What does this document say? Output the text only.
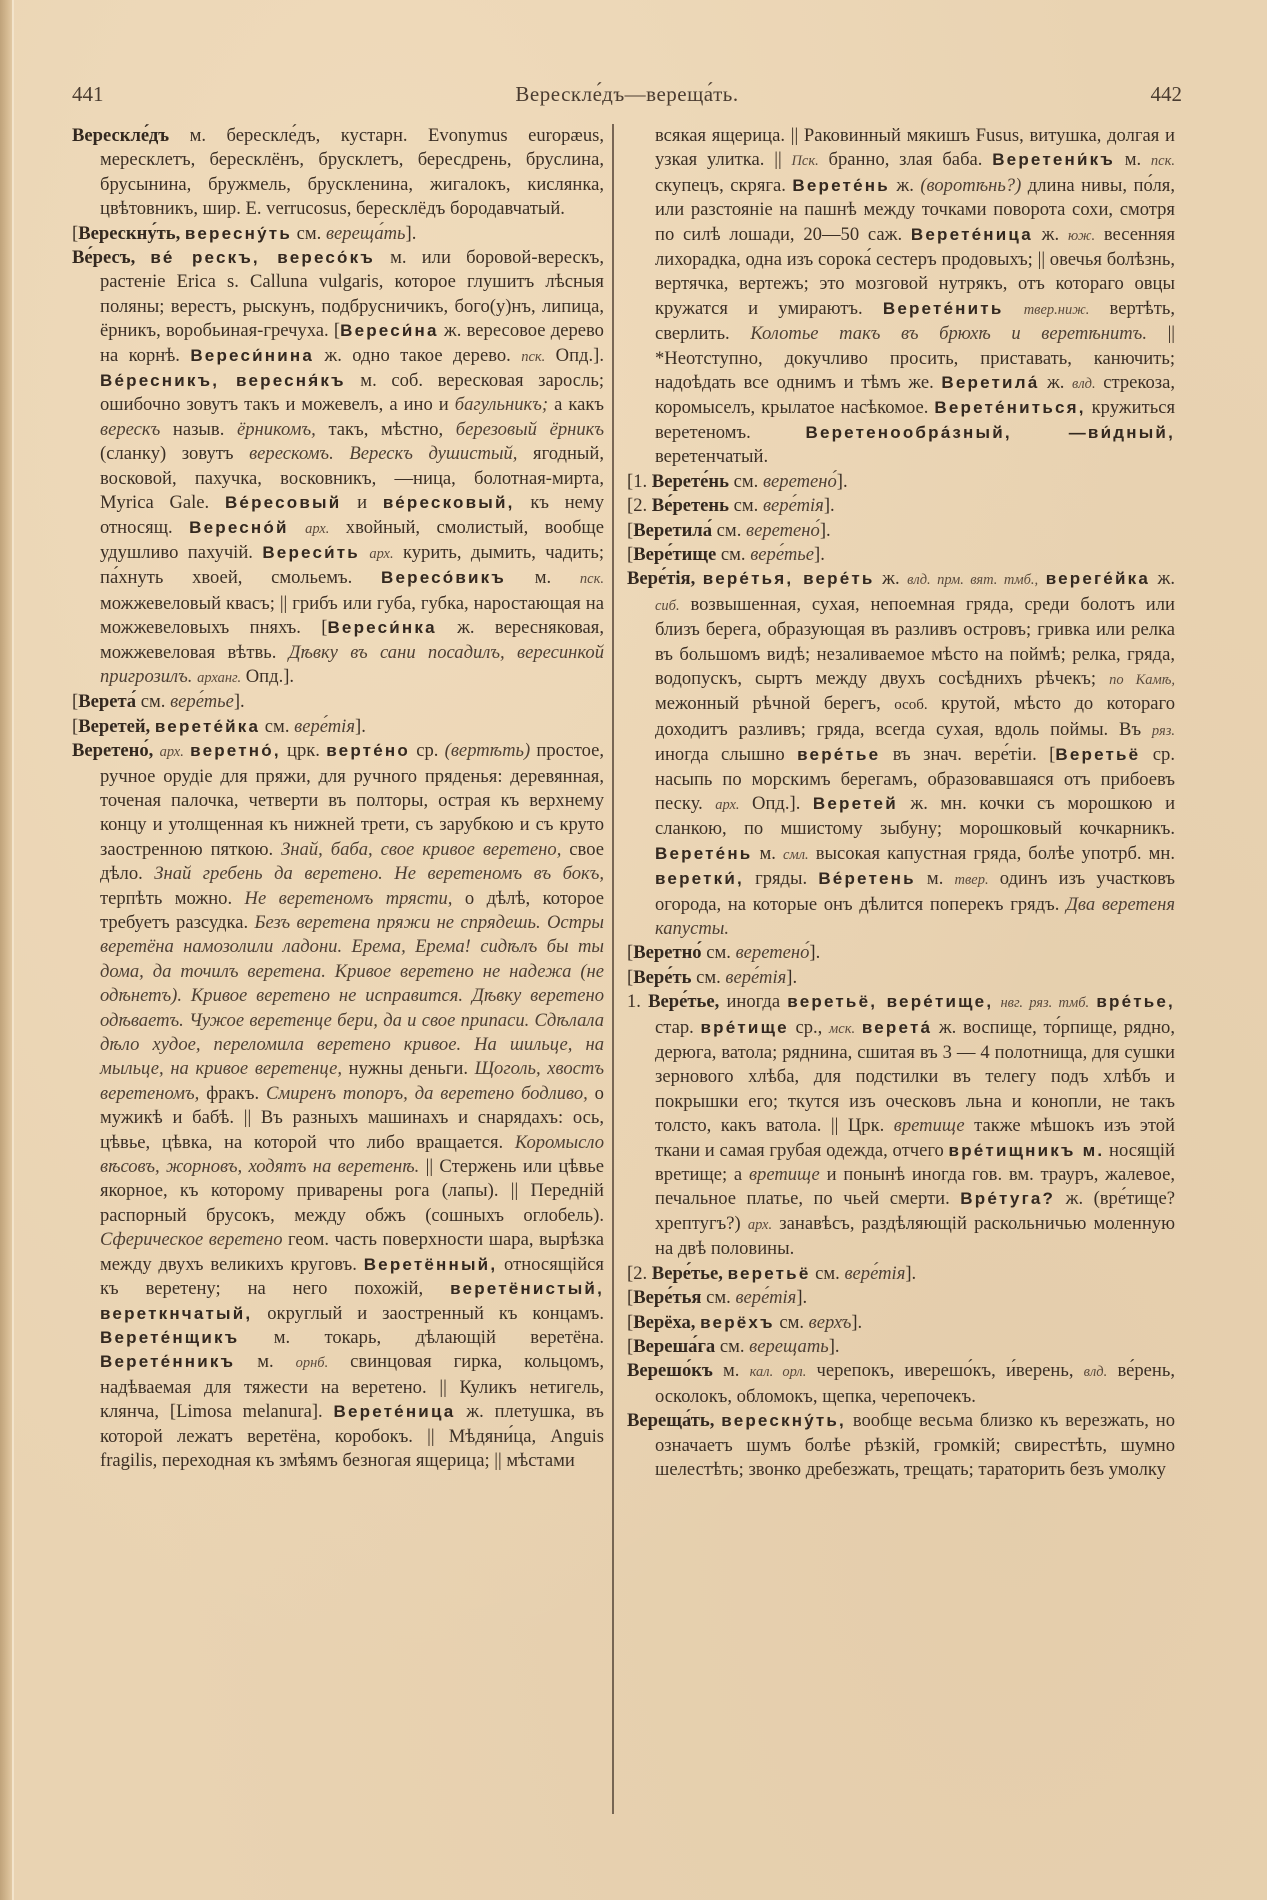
441	Верескле́дъ—вереща́ть.	442

Верескле́дъ м. берескле́дъ, кустарн. Evonymus europæus, мересклетъ, бересклёнъ, брусклетъ, бересдрень, бруслина, брусынина, бружмель, брускленина, жигалокъ, кислянка, цвѣтовникъ, шир. E. verrucosus, бересклёдъ бородавчатый.

[Верескну́ть, вересну́ть см. вереща́ть].

Ве́ресъ, ве́ рескъ, вересо́къ м. или боровой-верескъ, растеніе Erica s. Calluna vulgaris, которое глушитъ лѣсныя поляны; верестъ, рыскунъ, подбрусничикъ, бого(у)нъ, липица, ёрникъ, воробьиная-гречуха. [Вереси́на ж. вересовое дерево на корнѣ. Вереси́нина ж. одно такое дерево. пск. Опд.]. Ве́ресникъ, вересня́къ м. соб. вересковая заросль; ошибочно зовутъ такъ и можевелъ, а ино и багульникъ; а какъ верескъ назыв. ёрникомъ, такъ, мѣстно, березовый ёрникъ (сланку) зовутъ верескомъ. Верескъ душистый, ягодный, восковой, пахучка, восковникъ, —ница, болотная-мирта, Myrica Gale. Ве́ресовый и ве́ресковый, къ нему относящ. Вересно́й арх. хвойный, смолистый, вообще удушливо пахучій. Вереси́ть арх. курить, дымить, чадить; па́хнуть хвоей, смольемъ. Вересо́викъ м. пск. можжевеловый квасъ; || грибъ или губа, губка, наростающая на можжевеловыхъ пняхъ. [Вереси́нка ж. вересняковая, можжевеловая вѣтвь. Дѣвку въ сани посадилъ, вересинкой пригрозилъ. арханг. Опд.].

[Верета́ см. вере́тье].

[Веретей, верете́йка см. вере́тія].

Веретено́, арх. веретно́, црк. верте́но ср. (вертѣть) простое, ручное орудіе для пряжи, для ручного пряденья: деревянная, точеная палочка, четверти въ полторы, острая къ верхнему концу и утолщенная къ нижней трети, съ зарубкою и съ круто заостренною пяткою. Знай, баба, свое кривое веретено, свое дѣло. Знай гребень да веретено. Не веретеномъ въ бокъ, терпѣть можно. Не веретеномъ трясти, о дѣлѣ, которое требуетъ разсудка. Безъ веретена пряжи не спрядешь. Остры веретёна намозолили ладони. Ерема, Ерема! сидѣлъ бы ты дома, да точилъ веретена. Кривое веретено не надежа (не одѣнетъ). Кривое веретено не исправится. Дѣвку веретено одѣваетъ. Чужое веретенце бери, да и свое припаси. Сдѣлала дѣло худое, переломила веретено кривое. На шильце, на мыльце, на кривое веретенце, нужны деньги. Щоголь, хвостъ веретеномъ, фракъ. Смиренъ топоръ, да веретено бодливо, о мужикѣ и бабѣ. || Въ разныхъ машинахъ и снарядахъ: ось, цѣвье, цѣвка, на которой что либо вращается. Коромысло вѣсовъ, жорновъ, ходятъ на веретенѣ. || Стержень или цѣвье якорное, къ которому приварены рога (лапы). || Передній распорный брусокъ, между обжъ (сошныхъ оглобель). Сферическое веретено геом. часть поверхности шара, вырѣзка между двухъ великихъ круговъ. Веретённый, относящійся къ веретену; на него похожій, веретёнистый, вереткнчатый, округлый и заостренный къ концамъ. Верете́нщикъ м. токарь, дѣлающій веретёна. Верете́нникъ м. орнб. свинцовая гирка, кольцомъ, надѣваемая для тяжести на веретено. || Куликъ нетигель, клянча, [Limosa melanura]. Верете́ница ж. плетушка, въ которой лежатъ веретёна, коробокъ. || Мѣдяни́ца, Anguis fragilis, переходная къ змѣямъ безногая ящерица; || мѣстами

всякая ящерица. || Раковинный мякишъ Fusus, витушка, долгая и узкая улитка. || Пск. бранно, злая баба. Веретени́къ м. пск. скупецъ, скряга. Верете́нь ж. (воротѣнь?) длина нивы, по́ля, или разстояніе на пашнѣ между точками поворота сохи, смотря по силѣ лошади, 20—50 саж. Верете́ница ж. юж. весенняя лихорадка, одна изъ сорока́ сестеръ продовыхъ; || овечья болѣзнь, вертячка, вертежъ; это мозговой нутрякъ, отъ котораго овцы кружатся и умираютъ. Верете́нить твер.ниж. вертѣть, сверлить. Колотье такъ въ брюхѣ и веретѣнитъ. || *Неотступно, докучливо просить, приставать, канючить; надоѣдать все однимъ и тѣмъ же. Веретила́ ж. влд. стрекоза, коромыселъ, крылатое насѣкомое. Верете́ниться, кружиться веретеномъ. Веретенообра́зный, —ви́дный, веретенчатый.

[1. Верете́нь см. веретено́].

[2. Ве́ретень см. вере́тія].

[Веретила́ см. веретено́].

[Вере́тище см. вере́тье].

Вере́тія, вере́тья, вере́ть ж. влд. прм. вят. тмб., вереге́йка ж. сиб. возвышенная, сухая, непоемная гряда, среди болотъ или близъ берега, образующая въ разливъ островъ; гривка или релка въ большомъ видѣ; незаливаемое мѣсто на поймѣ; релка, гряда, водопускъ, сыртъ между двухъ сосѣднихъ рѣчекъ; по Камѣ, межонный рѣчной берегъ, особ. крутой, мѣсто до котораго доходитъ разливъ; гряда, всегда сухая, вдоль поймы. Въ ряз. иногда слышно вере́тье въ знач. вере́тіи. [Веретьё ср. насыпь по морскимъ берегамъ, образовавшаяся отъ прибоевъ песку. арх. Опд.]. Веретей ж. мн. кочки съ морошкою и сланкою, по мшистому зыбуну; морошковый кочкарникъ. Верете́нь м. смл. высокая капустная гряда, болѣе употрб. мн. веретки́, гряды. Ве́ретень м. твер. одинъ изъ участковъ огорода, на которые онъ дѣлится поперекъ грядъ. Два веретеня капусты.

[Веретно́ см. веретено́].

[Вере́ть см. вере́тія].

1. Вере́тье, иногда веретьё, вере́тище, нвг. ряз. тмб. вре́тье, стар. вре́тище ср., мск. верета́ ж. воспище, то́рпище, рядно, дерюга, ватола; ряднина, сшитая въ 3 — 4 полотнища, для сушки зернового хлѣба, для подстилки въ телегу подъ хлѣбъ и покрышки его; ткутся изъ оческовъ льна и конопли, не такъ толсто, какъ ватола. || Црк. вретище также мѣшокъ изъ этой ткани и самая грубая одежда, отчего вре́тищникъ м. носящій вретище; а вретище и понынѣ иногда гов. вм. трауръ, жалевое, печальное платье, по чьей смерти. Вре́туга? ж. (вре́тище? хрептугъ?) арх. занавѣсъ, раздѣляющій раскольничью моленную на двѣ половины.

[2. Вере́тье, веретьё см. вере́тія].

[Вере́тья см. вере́тія].

[Верёха, верёхъ см. верхъ].

[Вереша́га см. верещать].

Верешо́къ м. кал. орл. черепокъ, иверешо́къ, и́верень, влд. ве́рень, осколокъ, обломокъ, щепка, черепочекъ.

Вереща́ть, верескну́ть, вообще весьма близко къ верезжать, но означаетъ шумъ болѣе рѣзкій, громкій; свирестѣть, шумно шелестѣть; звонко дребезжать, трещать; тараторить безъ умолку
